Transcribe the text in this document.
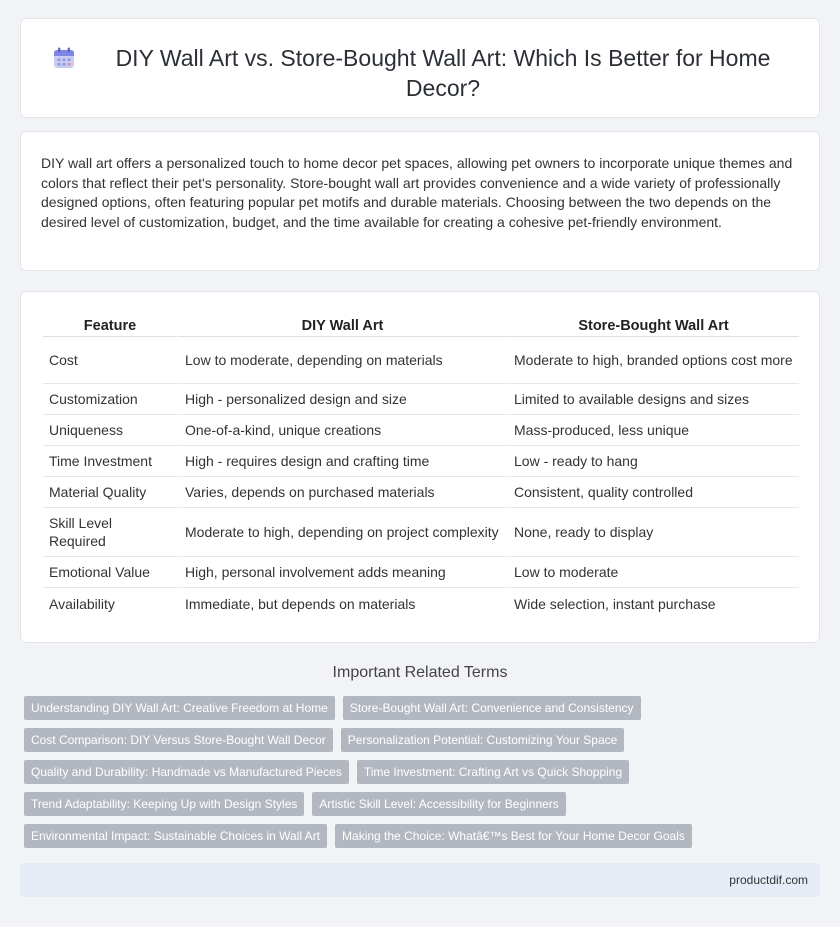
DIY Wall Art vs. Store-Bought Wall Art: Which Is Better for Home Decor?

DIY wall art offers a personalized touch to home decor pet spaces, allowing pet owners to incorporate unique themes and colors that reflect their pet's personality. Store-bought wall art provides convenience and a wide variety of professionally designed options, often featuring popular pet motifs and durable materials. Choosing between the two depends on the desired level of customization, budget, and the time available for creating a cohesive pet-friendly environment.

Feature	DIY Wall Art	Store-Bought Wall Art
Cost	Low to moderate, depending on materials	Moderate to high, branded options cost more
Customization	High - personalized design and size	Limited to available designs and sizes
Uniqueness	One-of-a-kind, unique creations	Mass-produced, less unique
Time Investment	High - requires design and crafting time	Low - ready to hang
Material Quality	Varies, depends on purchased materials	Consistent, quality controlled
Skill Level Required	Moderate to high, depending on project complexity	None, ready to display
Emotional Value	High, personal involvement adds meaning	Low to moderate
Availability	Immediate, but depends on materials	Wide selection, instant purchase
Important Related Terms
Understanding DIY Wall Art: Creative Freedom at Home	Store-Bought Wall Art: Convenience and Consistency
Cost Comparison: DIY Versus Store-Bought Wall Decor	Personalization Potential: Customizing Your Space
Quality and Durability: Handmade vs Manufactured Pieces	Time Investment: Crafting Art vs Quick Shopping
Trend Adaptability: Keeping Up with Design Styles	Artistic Skill Level: Accessibility for Beginners
Environmental Impact: Sustainable Choices in Wall Art	Making the Choice: Whatâ€™s Best for Your Home Decor Goals
productdif.com
